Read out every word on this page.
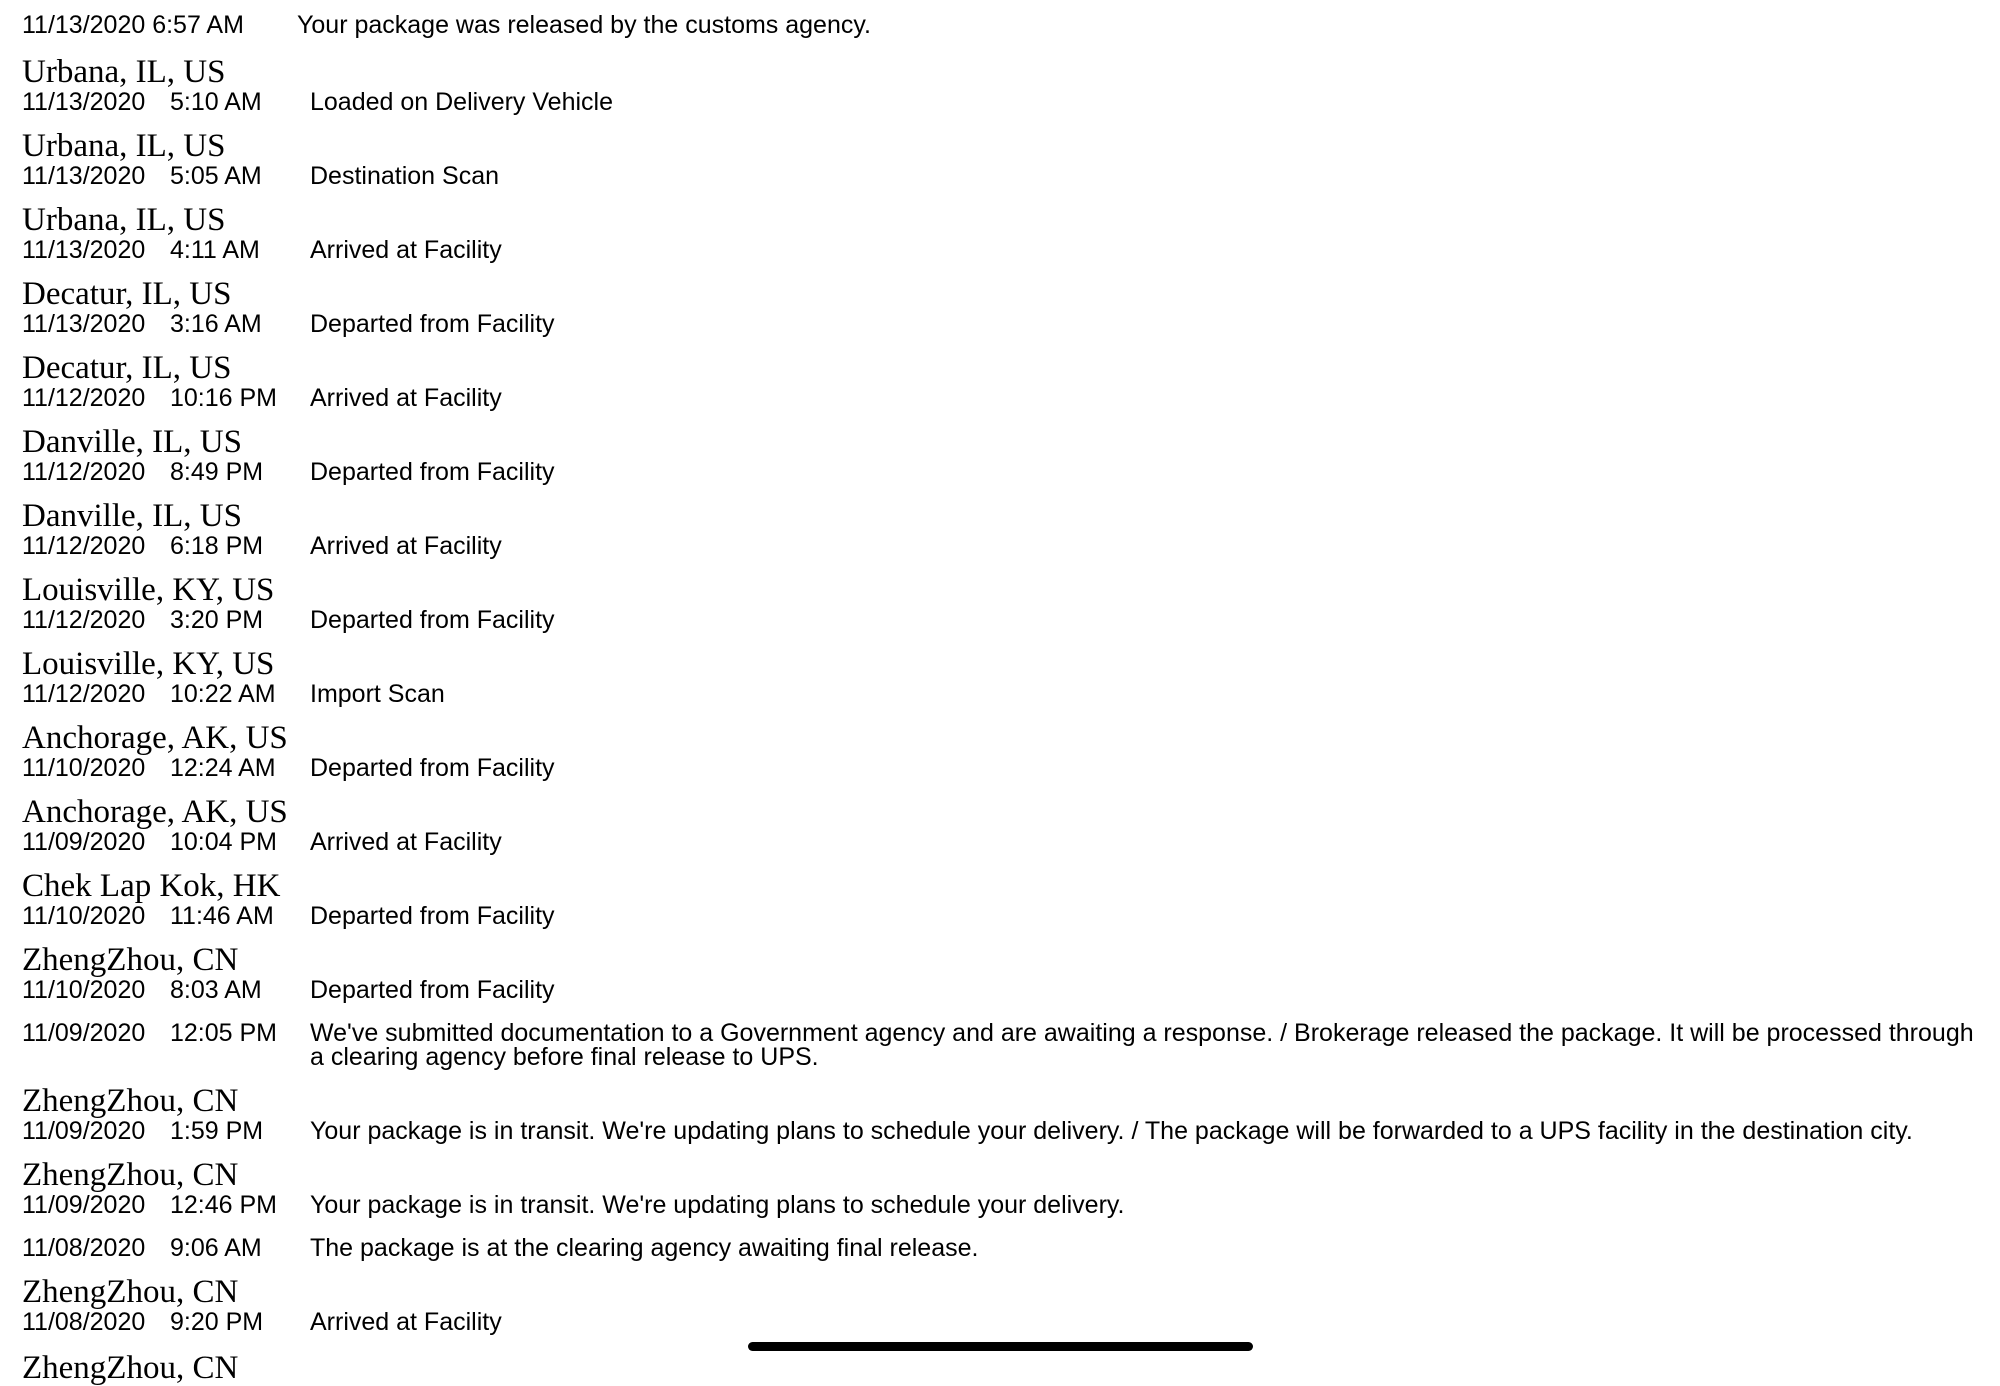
11/13/2020 6:57 AM	Your package was released by the customs agency.
Urbana, IL, US
11/13/2020 5:10 AM	Loaded on Delivery Vehicle
Urbana, IL, US
11/13/2020 5:05 AM	Destination Scan
Urbana, IL, US
11/13/2020 4:11 AM	Arrived at Facility
Decatur, IL, US
11/13/2020 3:16 AM	Departed from Facility
Decatur, IL, US
11/12/2020 10:16 PM	Arrived at Facility
Danville, IL, US
11/12/2020 8:49 PM	Departed from Facility
Danville, IL, US
11/12/2020 6:18 PM	Arrived at Facility
Louisville, KY, US
11/12/2020 3:20 PM	Departed from Facility
Louisville, KY, US
11/12/2020 10:22 AM	Import Scan
Anchorage, AK, US
11/10/2020 12:24 AM	Departed from Facility
Anchorage, AK, US
11/09/2020 10:04 PM	Arrived at Facility
Chek Lap Kok, HK
11/10/2020 11:46 AM	Departed from Facility
ZhengZhou, CN
11/10/2020 8:03 AM	Departed from Facility
11/09/2020 12:05 PM	We've submitted documentation to a Government agency and are awaiting a response. / Brokerage released the package. It will be processed through a clearing agency before final release to UPS.
ZhengZhou, CN
11/09/2020 1:59 PM	Your package is in transit. We're updating plans to schedule your delivery. / The package will be forwarded to a UPS facility in the destination city.
ZhengZhou, CN
11/09/2020 12:46 PM	Your package is in transit. We're updating plans to schedule your delivery.
11/08/2020 9:06 AM	The package is at the clearing agency awaiting final release.
ZhengZhou, CN
11/08/2020 9:20 PM	Arrived at Facility
ZhengZhou, CN
